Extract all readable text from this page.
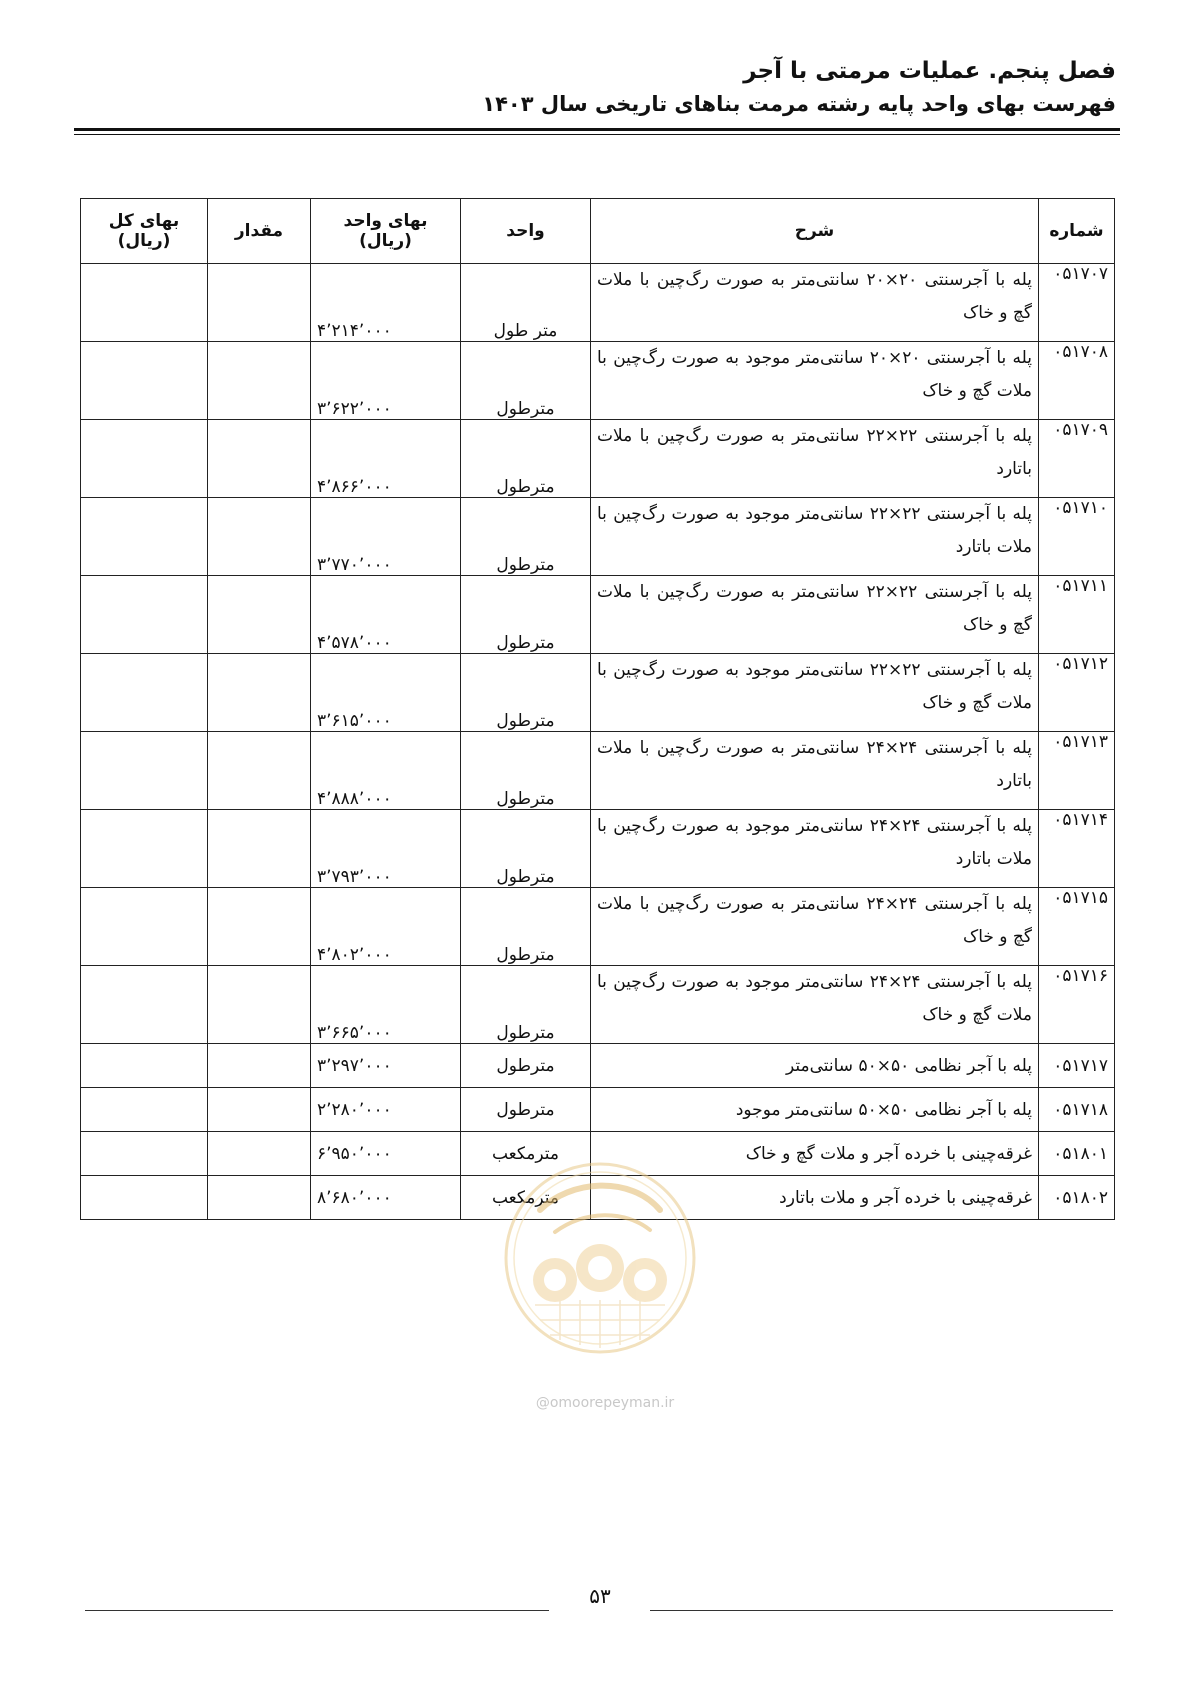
فصل پنجم. عملیات مرمتی با آجر
فهرست بهای واحد پایه رشته مرمت بناهای تاریخی سال ۱۴۰۳
شماره	شرح	واحد	بهای واحد (ریال)	مقدار	بهای کل (ریال)
۰۵۱۷۰۷	پله با آجرسنتی ۲۰×۲۰ سانتی‌متر به صورت رگ‌چین با ملات گچ و خاک	متر طول	۴٬۲۱۴٬۰۰۰		
۰۵۱۷۰۸	پله با آجرسنتی ۲۰×۲۰ سانتی‌متر موجود به صورت رگ‌چین با ملات گچ و خاک	مترطول	۳٬۶۲۲٬۰۰۰		
۰۵۱۷۰۹	پله با آجرسنتی ۲۲×۲۲ سانتی‌متر به صورت رگ‌چین با ملات باتارد	مترطول	۴٬۸۶۶٬۰۰۰		
۰۵۱۷۱۰	پله با آجرسنتی ۲۲×۲۲ سانتی‌متر موجود به صورت رگ‌چین با ملات باتارد	مترطول	۳٬۷۷۰٬۰۰۰		
۰۵۱۷۱۱	پله با آجرسنتی ۲۲×۲۲ سانتی‌متر به صورت رگ‌چین با ملات گچ و خاک	مترطول	۴٬۵۷۸٬۰۰۰		
۰۵۱۷۱۲	پله با آجرسنتی ۲۲×۲۲ سانتی‌متر موجود به صورت رگ‌چین با ملات گچ و خاک	مترطول	۳٬۶۱۵٬۰۰۰		
۰۵۱۷۱۳	پله با آجرسنتی ۲۴×۲۴ سانتی‌متر به صورت رگ‌چین با ملات باتارد	مترطول	۴٬۸۸۸٬۰۰۰		
۰۵۱۷۱۴	پله با آجرسنتی ۲۴×۲۴ سانتی‌متر موجود به صورت رگ‌چین با ملات باتارد	مترطول	۳٬۷۹۳٬۰۰۰		
۰۵۱۷۱۵	پله با آجرسنتی ۲۴×۲۴ سانتی‌متر به صورت رگ‌چین با ملات گچ و خاک	مترطول	۴٬۸۰۲٬۰۰۰		
۰۵۱۷۱۶	پله با آجرسنتی ۲۴×۲۴ سانتی‌متر موجود به صورت رگ‌چین با ملات گچ و خاک	مترطول	۳٬۶۶۵٬۰۰۰		
۰۵۱۷۱۷	پله با آجر نظامی ۵۰×۵۰ سانتی‌متر	مترطول	۳٬۲۹۷٬۰۰۰		
۰۵۱۷۱۸	پله با آجر نظامی ۵۰×۵۰ سانتی‌متر موجود	مترطول	۲٬۲۸۰٬۰۰۰		
۰۵۱۸۰۱	غرقه‌چینی با خرده آجر و ملات گچ و خاک	مترمکعب	۶٬۹۵۰٬۰۰۰		
۰۵۱۸۰۲	غرقه‌چینی با خرده آجر و ملات باتارد	مترمکعب	۸٬۶۸۰٬۰۰۰		
@omoorepeyman.ir
۵۳
